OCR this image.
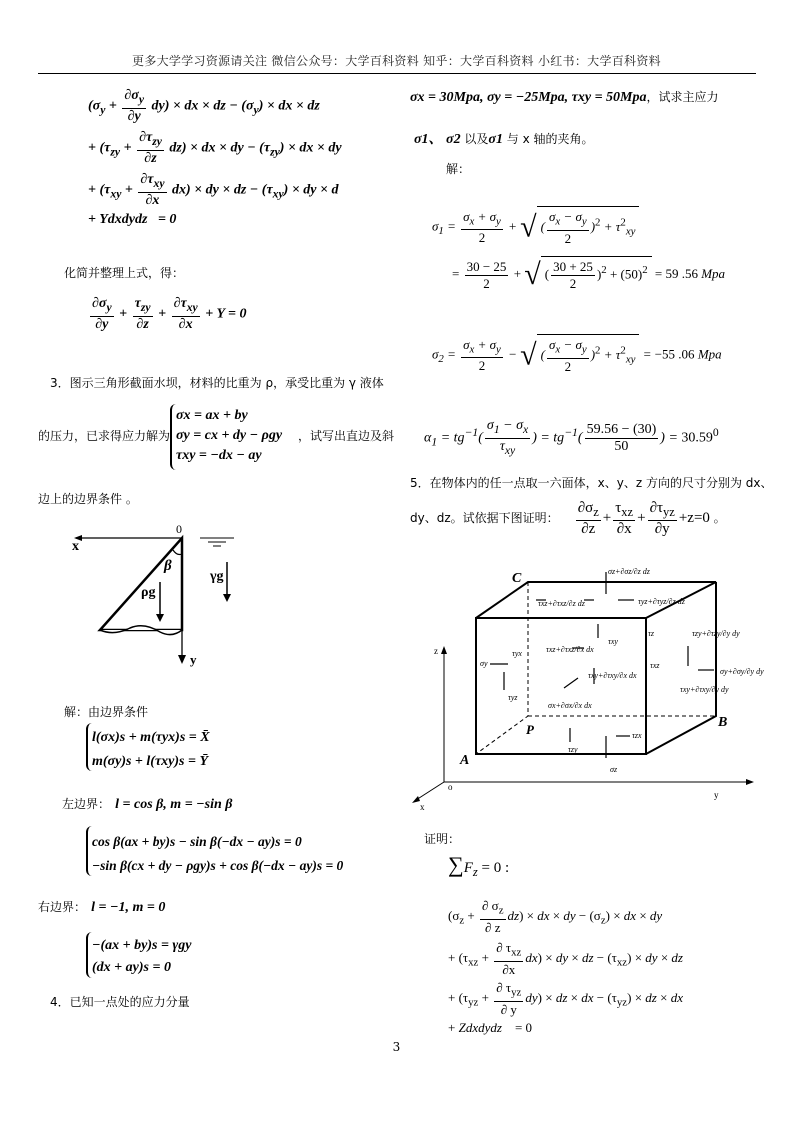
更多大学学习资源请关注 微信公众号：大学百科资料 知乎：大学百科资料 小红书：大学百科资料
$(\sigma_y + \frac{\partial\sigma_y}{\partial y} dy)$ × dx × dz − $(\sigma_y)$ × dx × dz
+ $(\tau_{zy} + \frac{\partial\tau_{zy}}{\partial z} dz)$ × dx × dy − $(\tau_{zy})$ × dx × dy
+ $(\tau_{xy} + \frac{\partial\tau_{xy}}{\partial x} dx)$ × dy × dz − $(\tau_{xy})$ × dy × d
+ Ydxdydz   = 0
化简并整理上式，得：
$\frac{\partial\sigma_y}{\partial y} + \frac{\tau_{zy}}{\partial z} + \frac{\partial\tau_{xy}}{\partial x} + Y = 0$
3．图示三角形截面水坝，材料的比重为 ρ，承受比重为 γ 液体
的压力，已求得应力解为
σx = ax + by
σy = cx + dy − ρgy
τxy = −dx − ay
，试写出直边及斜
边上的边界条件 。
x
0
β
ρg
y
γg
解：由边界条件
l(σx)s + m(τyx)s = X̄
m(σy)s + l(τxy)s = Ȳ
左边界： l = cos β, m = −sin β
cos β(ax + by)s − sin β(−dx − ay)s = 0
−sin β(cx + dy − ρgy)s + cos β(−dx − ay)s = 0
右边界： l = −1, m = 0
−(ax + by)s = γgy
(dx + ay)s = 0
4．已知一点处的应力分量
σx = 30Mpa, σy = −25Mpa, τxy = 50Mpa，试求主应力
σ1、 σ2 以及σ1 与 x 轴的夹角。
解：
$\sigma_1 = \frac{\sigma_x + \sigma_y}{2}$ + √( $\frac{\sigma_x - \sigma_y}{2} )^2 + \tau^2_{xy}$
= $\frac{30 - 25}{2}$ + √( $\frac{30 + 25}{2} )^2 + (50)^2 = 59$ .56 Mpa
$\sigma_2 = \frac{\sigma_x + \sigma_y}{2}$ − √( $\frac{\sigma_x - \sigma_y}{2} )^2 + \tau^2_{xy} = -55$ .06 Mpa
$\alpha_1 = tg^{-1}( \frac{\sigma_1 - \sigma_x}{\tau_{xy}}$ ) = $tg^{-1}( \frac{59.56 - (30)}{50}$ ) = $30.59^0$
5．在物体内的任一点取一六面体，x、y、z 方向的尺寸分别为 dx、
dy、dz。试依据下图证明： $\frac{\partial\sigma_z}{\partial z} + \frac{\tau_{xz}}{\partial x} + \frac{\partial\tau_{yz}}{\partial y} +z=0$ 。
z
y
x
o
C
B
A
P
σz+∂σz/∂z dz
τxz+∂τxz/∂z dz	τyz+∂τyz/∂z dz
τz	τzy+∂τzy/∂y dy
σy+∂σy/∂y dy
τxy+∂τxy/∂y dy
τyx
σy
τyz
τxz+∂τxz/∂x dx
τxy
τxz
σx+∂σx/∂x dx
τxy+∂τxy/∂x dx
τzx
τzy
σz
证明：
$\sum F_z = 0$ :
$(\sigma_z + \frac{\partial \sigma_z}{\partial z} dz)$ × dx × dy − $(\sigma_z)$ × dx × dy
+ $(\tau_{xz} + \frac{\partial \tau_{xz}}{\partial x} dx)$ × dy × dz − $(\tau_{xz})$ × dy × dz
+ $(\tau_{yz} + \frac{\partial \tau_{yz}}{\partial y} dy)$ × dz × dx − $(\tau_{yz})$ × dz × dx
+ Zdxdydz    = 0
3
